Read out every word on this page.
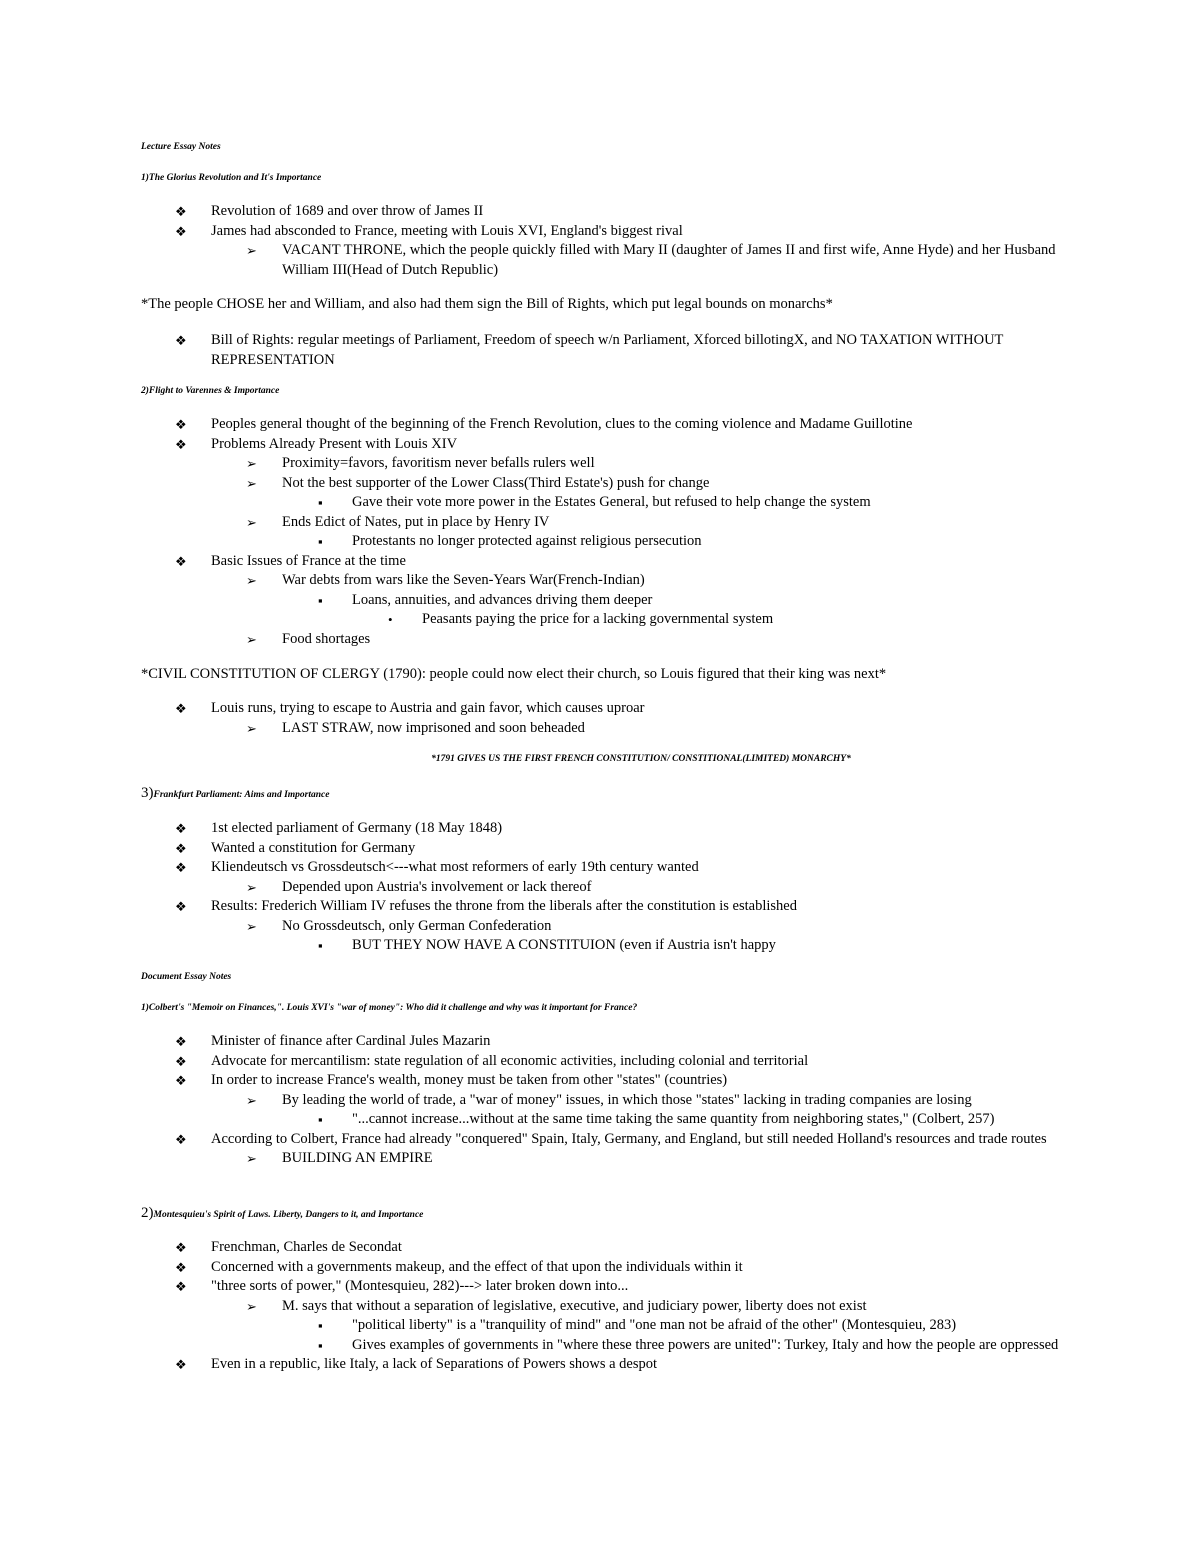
Lecture Essay Notes
1)The Glorius Revolution and It's Importance
❖ Revolution of 1689 and over throw of James II
❖ James had absconded to France, meeting with Louis XVI, England's biggest rival
➢ VACANT THRONE, which the people quickly filled with Mary II (daughter of James II and first wife, Anne Hyde) and her Husband William III(Head of Dutch Republic)
*The people CHOSE her and William, and also had them sign the Bill of Rights, which put legal bounds on monarchs*
❖ Bill of Rights: regular meetings of Parliament, Freedom of speech w/n Parliament, Xforced billotingX, and NO TAXATION WITHOUT REPRESENTATION
2)Flight to Varennes & Importance
❖ Peoples general thought of the beginning of the French Revolution, clues to the coming violence and Madame Guillotine
❖ Problems Already Present with Louis XIV
➢ Proximity=favors, favoritism never befalls rulers well
➢ Not the best supporter of the Lower Class(Third Estate's) push for change
▪ Gave their vote more power in the Estates General, but refused to help change the system
➢ Ends Edict of Nates, put in place by Henry IV
▪ Protestants no longer protected against religious persecution
❖ Basic Issues of France at the time
➢ War debts from wars like the Seven-Years War(French-Indian)
▪ Loans, annuities, and advances driving them deeper
• Peasants paying the price for a lacking governmental system
➢ Food shortages
*CIVIL CONSTITUTION OF CLERGY (1790): people could now elect their church, so Louis figured that their king was next*
❖ Louis runs, trying to escape to Austria and gain favor, which causes uproar
➢ LAST STRAW, now imprisoned and soon beheaded
*1791 GIVES US THE FIRST FRENCH CONSTITUTION/ CONSTITIONAL(LIMITED) MONARCHY*
3)Frankfurt Parliament: Aims and Importance
❖ 1st elected parliament of Germany (18 May 1848)
❖ Wanted a constitution for Germany
❖ Kliendeutsch vs Grossdeutsch<---what most reformers of early 19th century wanted
➢ Depended upon Austria's involvement or lack thereof
❖ Results: Frederich William IV refuses the throne from the liberals after the constitution is established
➢ No Grossdeutsch, only German Confederation
▪ BUT THEY NOW HAVE A CONSTITUION (even if Austria isn't happy
Document Essay Notes
1)Colbert's "Memoir on Finances,". Louis XVI's "war of money": Who did it challenge and why was it important for France?
❖ Minister of finance after Cardinal Jules Mazarin
❖ Advocate for mercantilism: state regulation of all economic activities, including colonial and territorial
❖ In order to increase France's wealth, money must be taken from other "states" (countries)
➢ By leading the world of trade, a "war of money" issues, in which those "states" lacking in trading companies are losing
▪ "...cannot increase...without at the same time taking the same quantity from neighboring states," (Colbert, 257)
❖ According to Colbert, France had already "conquered" Spain, Italy, Germany, and England, but still needed Holland's resources and trade routes
➢ BUILDING AN EMPIRE
2)Montesquieu's Spirit of Laws. Liberty, Dangers to it, and Importance
❖ Frenchman, Charles de Secondat
❖ Concerned with a governments makeup, and the effect of that upon the individuals within it
❖ "three sorts of power," (Montesquieu, 282)---> later broken down into...
➢ M. says that without a separation of legislative, executive, and judiciary power, liberty does not exist
▪ "political liberty" is a "tranquility of mind" and "one man not be afraid of the other" (Montesquieu, 283)
▪ Gives examples of governments in "where these three powers are united": Turkey, Italy and how the people are oppressed
❖ Even in a republic, like Italy, a lack of Separations of Powers shows a despot
